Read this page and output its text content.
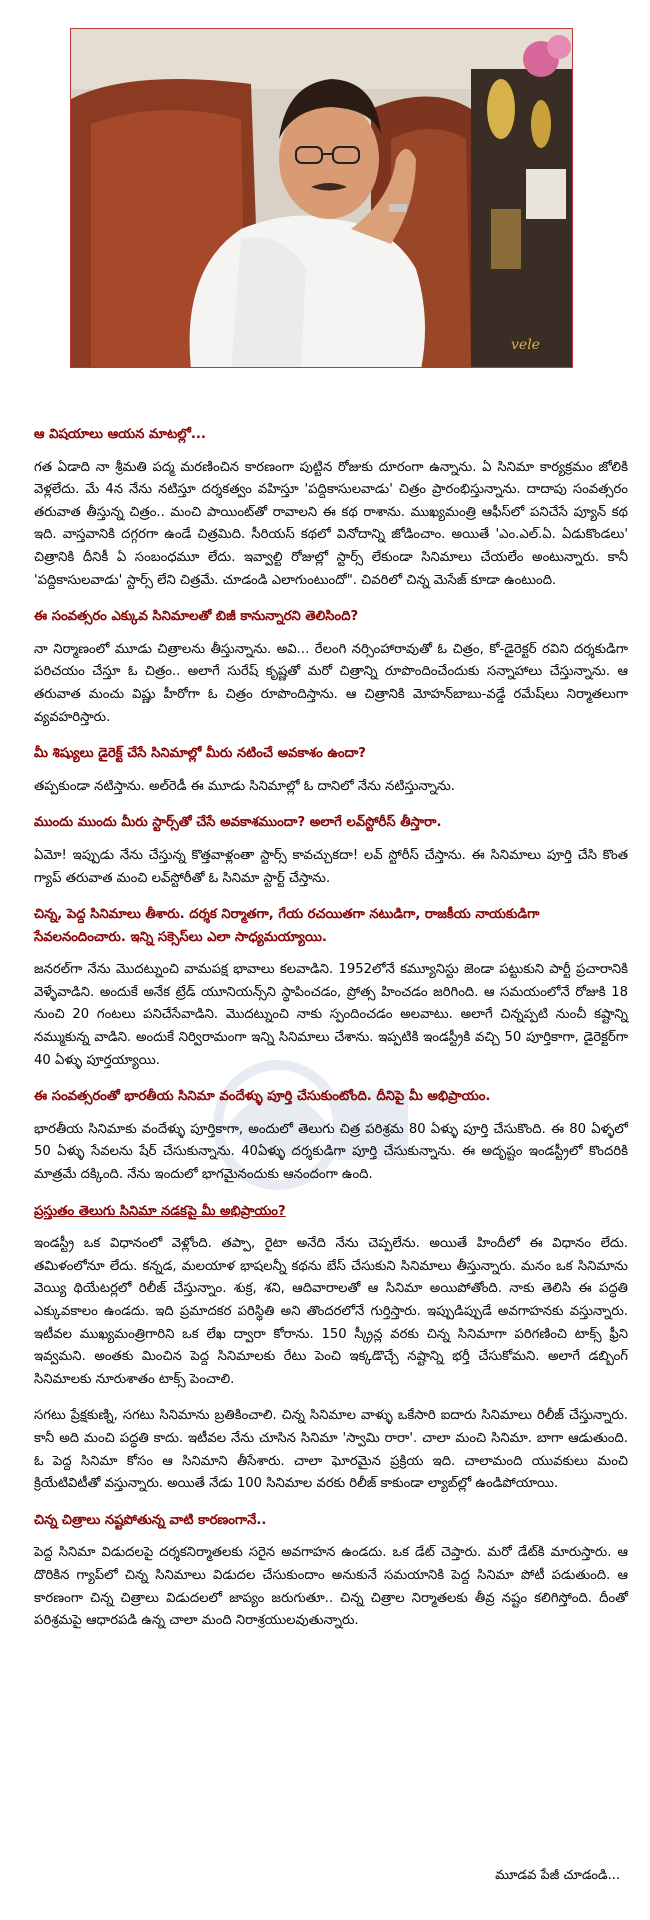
vele
ఆ విషయాలు ఆయన మాటల్లో...
గత ఏడాది నా శ్రీమతి పద్మ మరణించిన కారణంగా పుట్టిన రోజుకు దూరంగా ఉన్నాను. ఏ సినిమా కార్యక్రమం జోలికి వెళ్లలేదు. మే 4న నేను నటిస్తూ దర్శకత్వం వహిస్తూ 'పద్దికాసులవాడు' చిత్రం ప్రారంభిస్తున్నాను. దాదాపు సంవత్సరం తరువాత తీస్తున్న చిత్రం.. మంచి పాయింట్‌తో రావాలని ఈ కథ రాశాను. ముఖ్యమంత్రి ఆఫీస్‌లో పనిచేసే ప్యూన్ కథ ఇది. వాస్తవానికి దగ్గరగా ఉండే చిత్రమిది. సీరియస్ కథలో వినోదాన్ని జోడించాం. అయితే 'ఎం.ఎల్.ఏ. ఏడుకొండలు' చిత్రానికి దీనికీ ఏ సంబంధమూ లేదు. ఇవ్వాల్టి రోజుల్లో స్టార్స్ లేకుండా సినిమాలు చేయలేం అంటున్నారు. కానీ 'పద్దికాసులవాడు' స్టార్స్ లేని చిత్రమే. చూడండి ఎలాగుంటుందో". చివరిలో చిన్న మెసేజ్ కూడా ఉంటుంది.
ఈ సంవత్సరం ఎక్కువ సినిమాలతో బిజీ కానున్నారని తెలిసింది?
నా నిర్మాణంలో మూడు చిత్రాలను తీస్తున్నాను. అవి... రేలంగి నర్సింహారావుతో ఓ చిత్రం, కో-డైరెక్టర్ రవిని దర్శకుడిగా పరిచయం చేస్తూ ఓ చిత్రం.. అలాగే సురేష్ కృష్ణతో మరో చిత్రాన్ని రూపొందించేందుకు సన్నాహాలు చేస్తున్నాను. ఆ తరువాత మంచు విష్ణు హీరోగా ఓ చిత్రం రూపొందిస్తాను. ఆ చిత్రానికి మోహన్‌బాబు-వడ్డే రమేష్‌లు నిర్మాతలుగా వ్యవహరిస్తారు.
మీ శిష్యులు డైరెక్ట్ చేసే సినిమాల్లో మీరు నటించే అవకాశం ఉందా?
తప్పకుండా నటిస్తాను. అల్‌రెడీ ఈ మూడు సినిమాల్లో ఓ దానిలో నేను నటిస్తున్నాను.
ముందు ముందు మీరు స్టార్స్‌తో చేసే అవకాశముందా? అలాగే లవ్‌స్టోరీస్ తీస్తారా.
ఏమో! ఇప్పుడు నేను చేస్తున్న కొత్తవాళ్లంతా స్టార్స్ కావచ్చుకదా! లవ్ స్టోరీస్ చేస్తాను. ఈ సినిమాలు పూర్తి చేసి కొంత గ్యాప్ తరువాత మంచి లవ్‌స్టోరీతో ఓ సినిమా స్టార్ట్ చేస్తాను.
చిన్న, పెద్ద సినిమాలు తీశారు. దర్శక నిర్మాతగా, గేయ రచయితగా నటుడిగా, రాజకీయ నాయకుడిగా సేవలనందించారు. ఇన్ని సక్సెస్‌లు ఎలా సాధ్యమయ్యాయి.
జనరల్‌గా నేను మొదట్నుంచి వామపక్ష భావాలు కలవాడిని. 1952లోనే కమ్యూనిస్టు జెండా పట్టుకుని పార్టీ ప్రచారానికి వెళ్ళేవాడిని. అందుకే అనేక ట్రేడ్ యూనియన్స్‌ని స్థాపించడం, ప్రోత్స హించడం జరిగింది. ఆ సమయంలోనే రోజుకి 18 నుంచి 20 గంటలు పనిచేసేవాడిని. మొదట్నుంచి నాకు స్పందించడం అలవాటు. అలాగే చిన్నప్పటి నుంచీ కష్టాన్ని నమ్ముకున్న వాడిని. అందుకే నిర్విరామంగా ఇన్ని సినిమాలు చేశాను. ఇప్పటికి ఇండస్ట్రీకి వచ్చి 50 పూర్తికాగా, డైరెక్టర్‌గా 40 ఏళ్ళు పూర్తయ్యాయి.
ఈ సంవత్సరంతో భారతీయ సినిమా వందేళ్ళు పూర్తి చేసుకుంటోంది. దీనిపై మీ అభిప్రాయం.
భారతీయ సినిమాకు వందేళ్ళు పూర్తికాగా, అందులో తెలుగు చిత్ర పరిశ్రమ 80 ఏళ్ళు పూర్తి చేసుకొంది. ఈ 80 ఏళ్ళలో 50 ఏళ్ళు సేవలను షేర్ చేసుకున్నాను. 40ఏళ్ళు దర్శకుడిగా పూర్తి చేసుకున్నాను. ఈ అదృష్టం ఇండస్ట్రీలో కొందరికి మాత్రమే దక్కింది. నేను ఇందులో భాగమైనందుకు ఆనందంగా ఉంది.
ప్రస్తుతం తెలుగు సినిమా నడకపై మీ అభిప్రాయం?
ఇండస్ట్రీ ఒక విధానంలో వెళ్లోంది. తప్పా, రైటా అనేది నేను చెప్పలేను. అయితే హిందీలో ఈ విధానం లేదు. తమిళంలోనూ లేదు. కన్నడ, మలయాళ భాషలన్నీ కథను బేస్ చేసుకుని సినిమాలు తీస్తున్నారు. మనం ఒక సినిమాను వెయ్యి థియేటర్లలో రిలీజ్ చేస్తున్నాం. శుక్ర, శని, ఆదివారాలతో ఆ సినిమా అయిపోతోంది. నాకు తెలిసి ఈ పద్ధతి ఎక్కువకాలం ఉండదు. ఇది ప్రమాదకర పరిస్థితి అని తొందరలోనే గుర్తిస్తారు. ఇప్పుడిప్పుడే అవగాహనకు వస్తున్నారు. ఇటీవల ముఖ్యమంత్రిగారిని ఒక లేఖ ద్వారా కోరాను. 150 స్క్రీన్ల వరకు చిన్న సినిమాగా పరిగణించి టాక్స్ ఫ్రీని ఇవ్వమని. అంతకు మించిన పెద్ద సినిమాలకు రేటు పెంచి ఇక్కడొచ్చే నష్టాన్ని భర్తీ చేసుకోమని. అలాగే డబ్బింగ్ సినిమాలకు నూరుశాతం టాక్స్ పెంచాలి.
సగటు ప్రేక్షకుణ్ని, సగటు సినిమాను బ్రతికించాలి. చిన్న సినిమాల వాళ్ళు ఒకేసారి ఐదారు సినిమాలు రిలీజ్ చేస్తున్నారు. కానీ అది మంచి పద్ధతి కాదు. ఇటీవల నేను చూసిన సినిమా 'స్వామి రారా'. చాలా మంచి సినిమా. బాగా ఆడుతుంది. ఓ పెద్ద సినిమా కోసం ఆ సినిమాని తీసేశారు. చాలా ఘోరమైన ప్రక్రియ ఇది. చాలామంది యువకులు మంచి క్రియేటివిటీతో వస్తున్నారు. అయితే నేడు 100 సినిమాల వరకు రిలీజ్ కాకుండా ల్యాబ్‌ల్లో ఉండిపోయాయి.
చిన్న చిత్రాలు నష్టపోతున్న వాటి కారణంగానే..
పెద్ద సినిమా విడుదలపై దర్శకనిర్మాతలకు సరైన అవగాహన ఉండదు. ఒక డేట్ చెప్తారు. మరో డేట్‌కి మారుస్తారు. ఆ దొరికిన గ్యాప్‌లో చిన్న సినిమాలు విడుదల చేసుకుందాం అనుకునే సమయానికి పెద్ద సినిమా పోటీ పడుతుంది. ఆ కారణంగా చిన్న చిత్రాలు విడుదలలో జాప్యం జరుగుతూ.. చిన్న చిత్రాల నిర్మాతలకు తీవ్ర నష్టం కలిగిస్తోంది. దీంతో పరిశ్రమపై ఆధారపడి ఉన్న చాలా మంది నిరాశ్రయులవుతున్నారు.
మూడవ పేజీ చూడండి...
